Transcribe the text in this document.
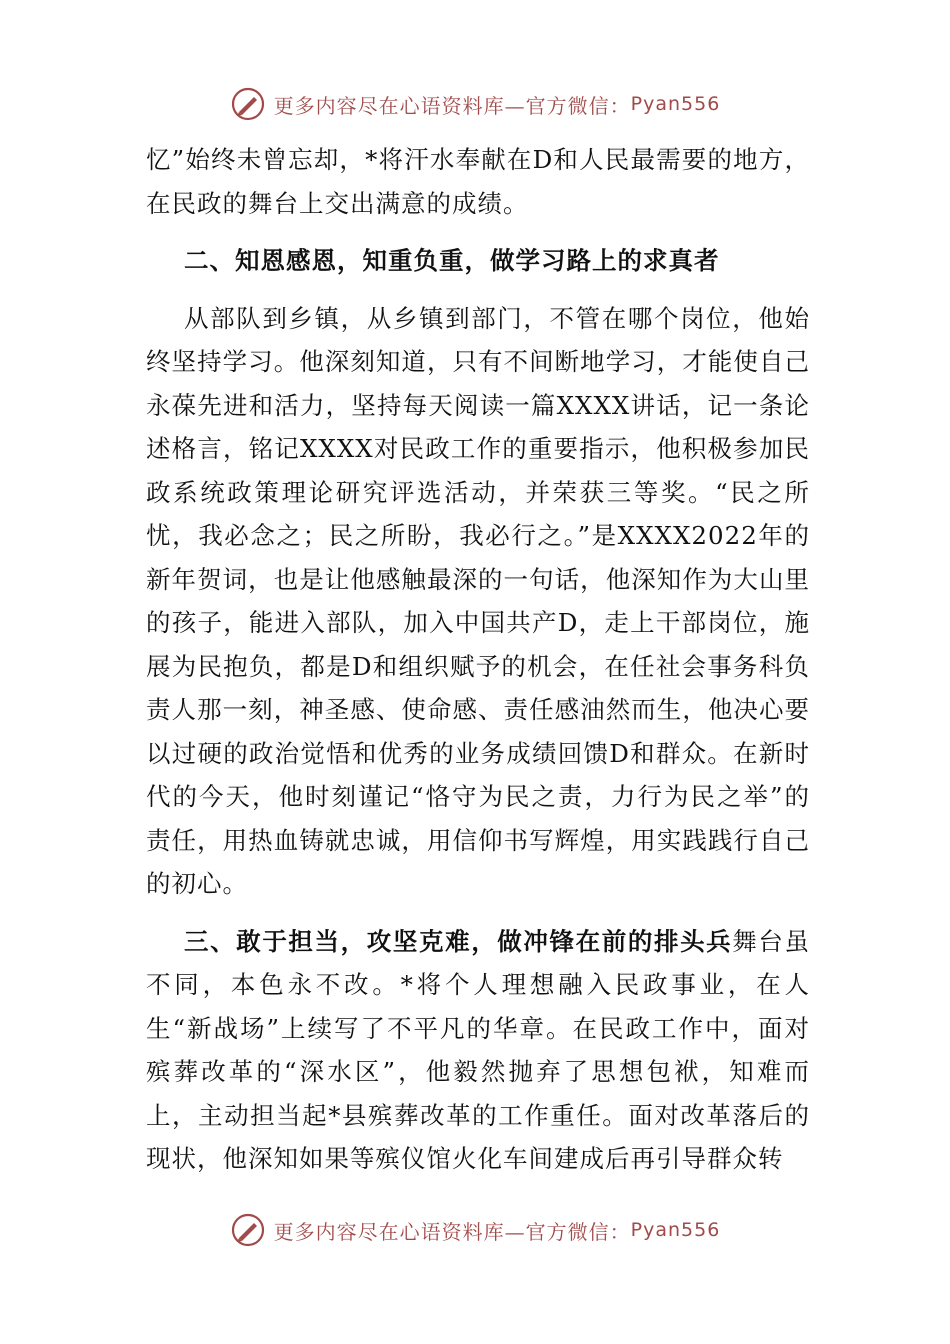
更多内容尽在心语资料库—官方微信： Pyan556

忆”始终未曾忘却，*将汗水奉献在D和人民最需要的地方，在民政的舞台上交出满意的成绩。

二、知恩感恩，知重负重，做学习路上的求真者

从部队到乡镇，从乡镇到部门，不管在哪个岗位，他始终坚持学习。他深刻知道，只有不间断地学习，才能使自己永葆先进和活力，坚持每天阅读一篇XXXX讲话，记一条论述格言，铭记XXXX对民政工作的重要指示，他积极参加民政系统政策理论研究评选活动，并荣获三等奖。“民之所忧，我必念之；民之所盼，我必行之。”是XXXX2022年的新年贺词，也是让他感触最深的一句话，他深知作为大山里的孩子，能进入部队，加入中国共产D，走上干部岗位，施展为民抱负，都是D和组织赋予的机会，在任社会事务科负责人那一刻，神圣感、使命感、责任感油然而生，他决心要以过硬的政治觉悟和优秀的业务成绩回馈D和群众。在新时代的今天，他时刻谨记“恪守为民之责，力行为民之举”的责任，用热血铸就忠诚，用信仰书写辉煌，用实践践行自己的初心。

三、敢于担当，攻坚克难，做冲锋在前的排头兵舞台虽不同，本色永不改。*将个人理想融入民政事业，在人生“新战场”上续写了不平凡的华章。在民政工作中，面对殡葬改革的“深水区”，他毅然抛弃了思想包袱，知难而上，主动担当起*县殡葬改革的工作重任。面对改革落后的现状，他深知如果等殡仪馆火化车间建成后再引导群众转

更多内容尽在心语资料库—官方微信： Pyan556
